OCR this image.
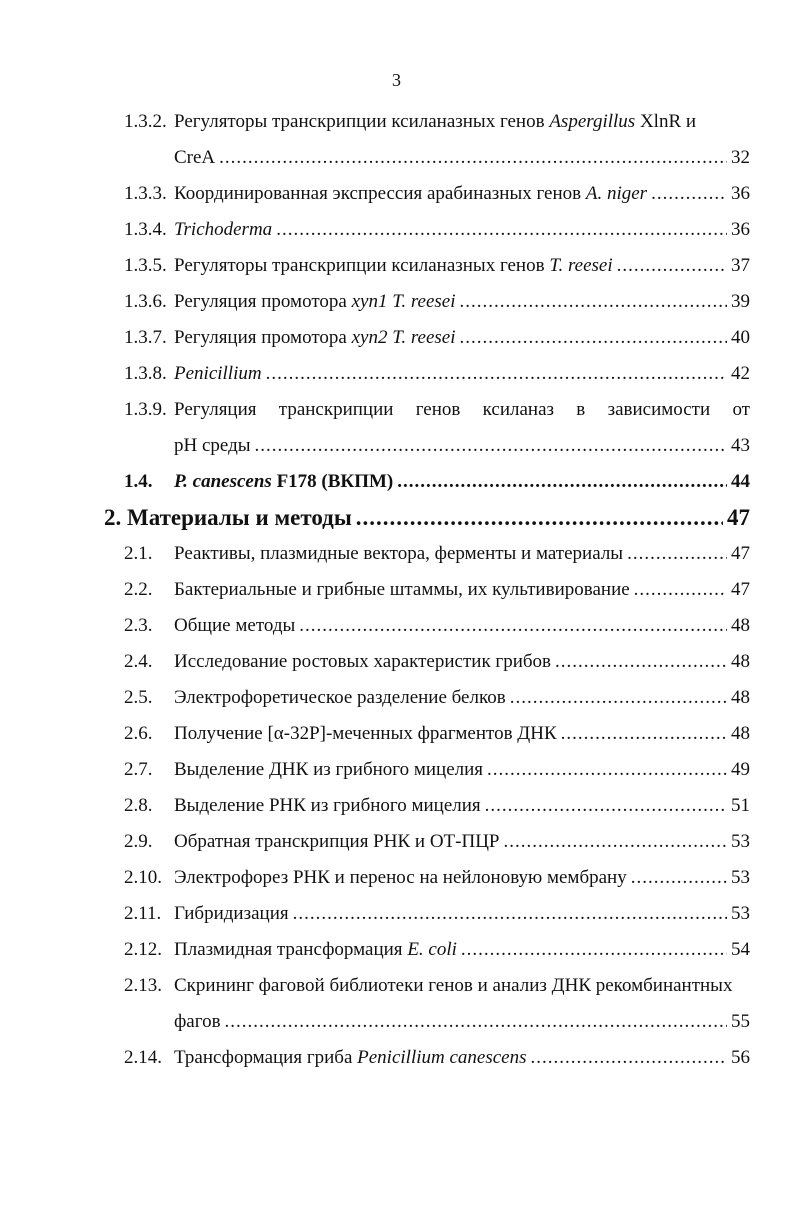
3
1.3.2. Регуляторы транскрипции ксиланазных генов Aspergillus XlnR и
CreA .....	32
1.3.3. Координированная экспрессия арабиназных генов A. niger .....	36
1.3.4. Trichoderma .....	36
1.3.5. Регуляторы транскрипции ксиланазных генов T. reesei .....	37
1.3.6. Регуляция промотора xyn1 T. reesei .....	39
1.3.7. Регуляция промотора xyn2 T. reesei .....	40
1.3.8. Penicillium .....	42
1.3.9. Регуляция транскрипции генов ксиланаз в зависимости от
pH среды .....	43
1.4.	P. canescens F178 (ВКПМ) .....	44
2. Материалы и методы .....	47
2.1.	Реактивы, плазмидные вектора, ферменты и материалы .....	47
2.2.	Бактериальные и грибные штаммы, их культивирование .....	47
2.3.	Общие методы .....	48
2.4.	Исследование ростовых характеристик грибов .....	48
2.5.	Электрофоретическое разделение белков .....	48
2.6.	Получение [α-32P]-меченных фрагментов ДНК .....	48
2.7.	Выделение ДНК из грибного мицелия .....	49
2.8.	Выделение РНК из грибного мицелия .....	51
2.9.	Обратная транскрипция РНК и ОТ-ПЦР .....	53
2.10. Электрофорез РНК и перенос на нейлоновую мембрану .....	53
2.11. Гибридизация .....	53
2.12. Плазмидная трансформация E. coli .....	54
2.13. Скрининг фаговой библиотеки генов и анализ ДНК рекомбинантных
фагов .....	55
2.14. Трансформация гриба Penicillium canescens .....	56
